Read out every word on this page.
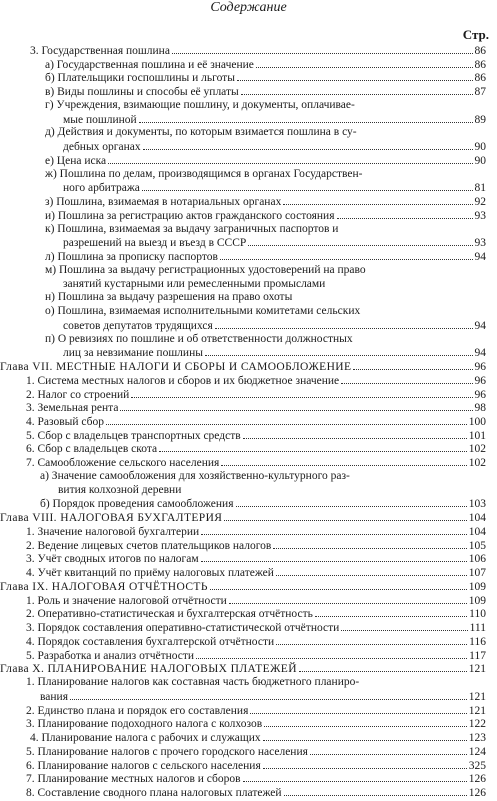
Содержание
Стр.
3. Государственная пошлина	86
а) Государственная пошлина и её значение	86
б) Плательщики госпошлины и льготы	86
в) Виды пошлины и способы её уплаты	87
г) Учреждения, взимающие пошлину, и документы, оплачивае-
мые пошлиной	89
д) Действия и документы, по которым взимается пошлина в су-
дебных органах	90
е) Цена иска	90
ж) Пошлина по делам, производящимся в органах Государствен-
ного арбитража	81
з) Пошлина, взимаемая в нотариальных органах	92
и) Пошлина за регистрацию актов гражданского состояния	93
к) Пошлина, взимаемая за выдачу заграничных паспортов и
разрешений на выезд и въезд в СССР	93
л) Пошлина за прописку паспортов	94
м) Пошлина за выдачу регистрационных удостоверений на право
занятий кустарными или ремесленными промыслами
н) Пошлина за выдачу разрешения на право охоты
о) Пошлина, взимаемая исполнительными комитетами сельских
советов депутатов трудящихся	94
п) О ревизиях по пошлине и об ответственности должностных
лиц за невзимание пошлины	94
Глава VII. МЕСТНЫЕ НАЛОГИ И СБОРЫ И САМООБЛОЖЕНИЕ	96
1. Система местных налогов и сборов и их бюджетное значение	96
2. Налог со строений	96
3. Земельная рента	98
4. Разовый сбор	100
5. Сбор с владельцев транспортных средств	101
6. Сбор с владельцев скота	102
7. Самообложение сельского населения	102
а) Значение самообложения для хозяйственно-культурного раз-
вития колхозной деревни
б) Порядок проведения самообложения	103
Глава VIII. НАЛОГОВАЯ БУХГАЛТЕРИЯ	104
1. Значение налоговой бухгалтерии	104
2. Ведение лицевых счетов плательщиков налогов	105
3. Учёт сводных итогов по налогам	106
4. Учёт квитанций по приёму налоговых платежей	107
Глава IX. НАЛОГОВАЯ ОТЧЁТНОСТЬ	109
1. Роль и значение налоговой отчётности	109
2. Оперативно-статистическая и бухгалтерская отчётность	110
3. Порядок составления оперативно-статистической отчётности	111
4. Порядок составления бухгалтерской отчётности	116
5. Разработка и анализ отчётности	117
Глава X. ПЛАНИРОВАНИЕ НАЛОГОВЫХ ПЛАТЕЖЕЙ	121
1. Планирование налогов как составная часть бюджетного планиро-
вания	121
2. Единство плана и порядок его составления	121
3. Планирование подоходного налога с колхозов	122
4. Планирование налога с рабочих и служащих	123
5. Планирование налогов с прочего городского населения	124
6. Планирование налогов с сельского населения	325
7. Планирование местных налогов и сборов	126
8. Составление сводного плана налоговых платежей	126
